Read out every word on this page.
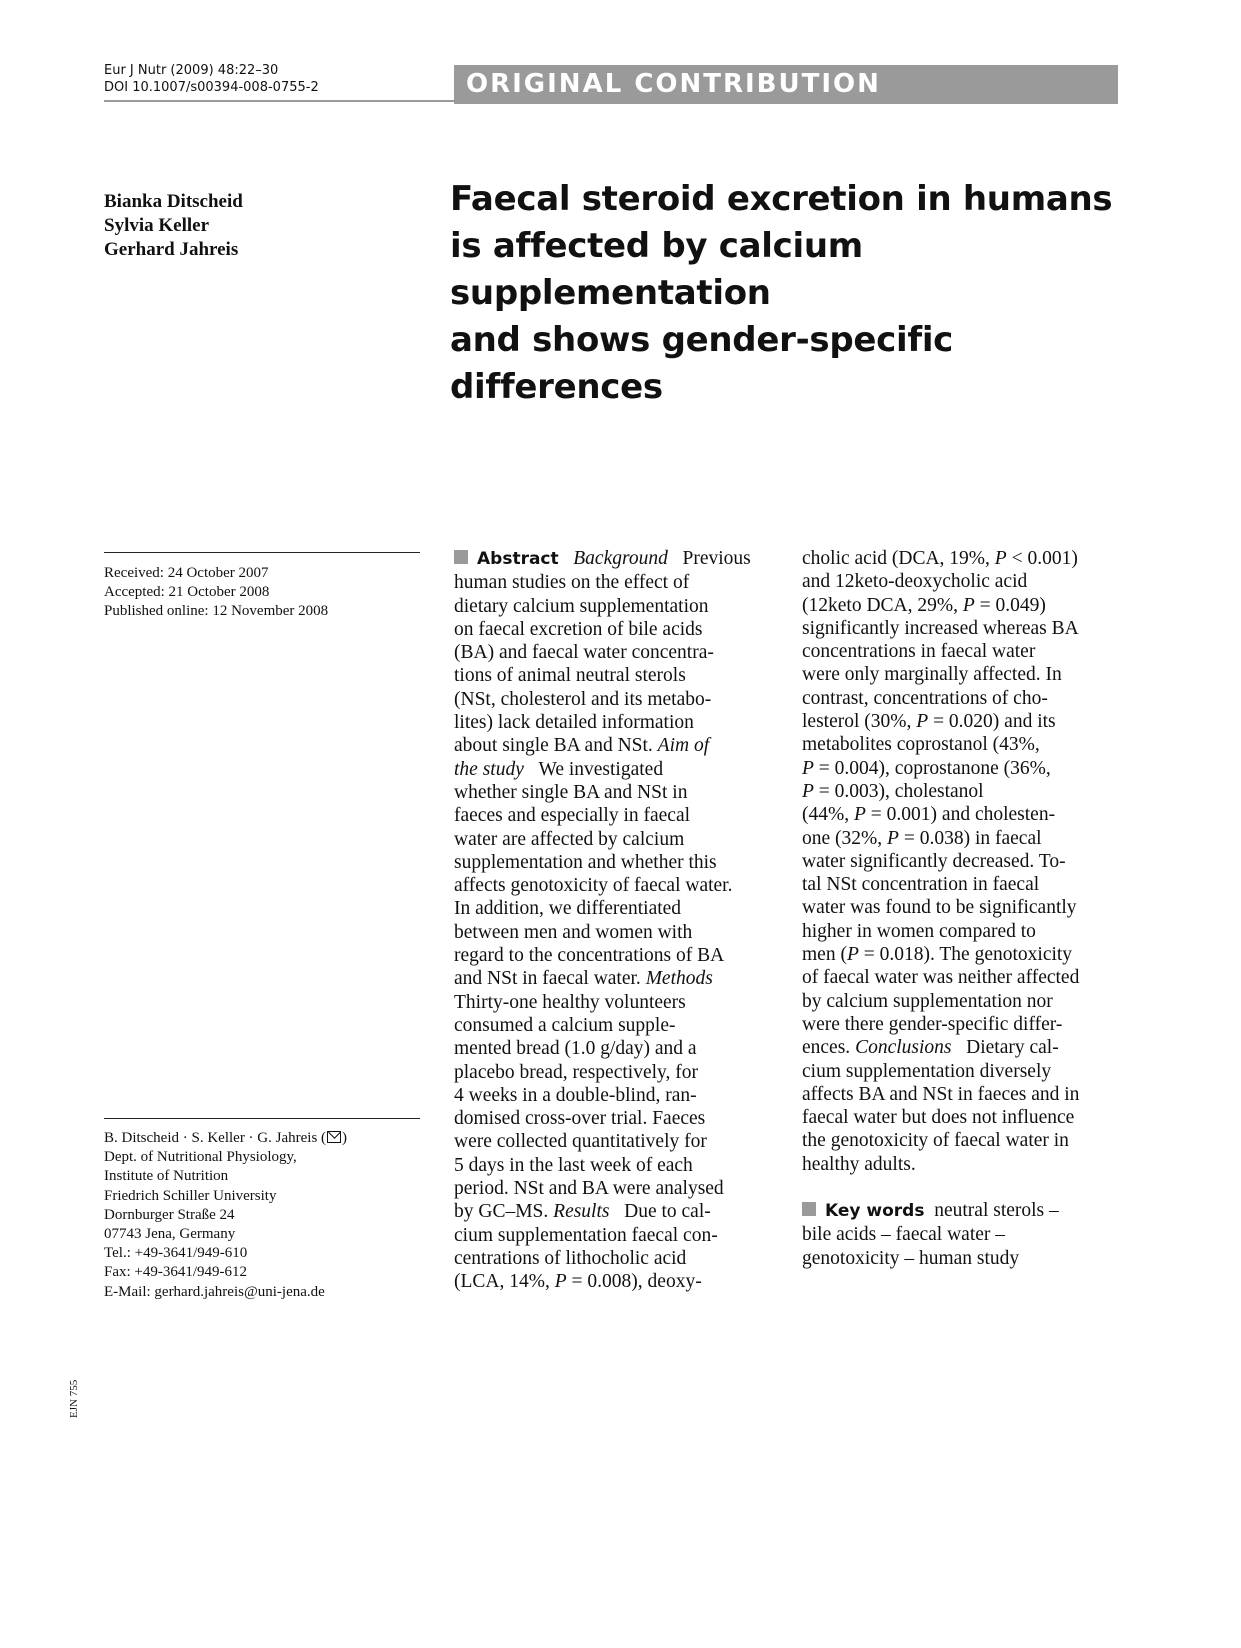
Eur J Nutr (2009) 48:22–30
DOI 10.1007/s00394-008-0755-2	ORIGINAL CONTRIBUTION
Bianka Ditscheid
Sylvia Keller
Gerhard Jahreis
Faecal steroid excretion in humans
is affected by calcium supplementation
and shows gender-specific differences
Received: 24 October 2007
Accepted: 21 October 2008
Published online: 12 November 2008
B. Ditscheid · S. Keller · G. Jahreis ( )
Dept. of Nutritional Physiology,
Institute of Nutrition
Friedrich Schiller University
Dornburger Straße 24
07743 Jena, Germany
Tel.: +49-3641/949-610
Fax: +49-3641/949-612
E-Mail: gerhard.jahreis@uni-jena.de
Abstract Background Previous
human studies on the effect of
dietary calcium supplementation
on faecal excretion of bile acids
(BA) and faecal water concentra-
tions of animal neutral sterols
(NSt, cholesterol and its metabo-
lites) lack detailed information
about single BA and NSt. Aim of
the study We investigated
whether single BA and NSt in
faeces and especially in faecal
water are affected by calcium
supplementation and whether this
affects genotoxicity of faecal water.
In addition, we differentiated
between men and women with
regard to the concentrations of BA
and NSt in faecal water. Methods
Thirty-one healthy volunteers
consumed a calcium supple-
mented bread (1.0 g/day) and a
placebo bread, respectively, for
4 weeks in a double-blind, ran-
domised cross-over trial. Faeces
were collected quantitatively for
5 days in the last week of each
period. NSt and BA were analysed
by GC–MS. Results Due to cal-
cium supplementation faecal con-
centrations of lithocholic acid
(LCA, 14%, P = 0.008), deoxy-
cholic acid (DCA, 19%, P < 0.001)
and 12keto-deoxycholic acid
(12keto DCA, 29%, P = 0.049)
significantly increased whereas BA
concentrations in faecal water
were only marginally affected. In
contrast, concentrations of cho-
lesterol (30%, P = 0.020) and its
metabolites coprostanol (43%,
P = 0.004), coprostanone (36%,
P = 0.003), cholestanol
(44%, P = 0.001) and cholesten-
one (32%, P = 0.038) in faecal
water significantly decreased. To-
tal NSt concentration in faecal
water was found to be significantly
higher in women compared to
men (P = 0.018). The genotoxicity
of faecal water was neither affected
by calcium supplementation nor
were there gender-specific differ-
ences. Conclusions Dietary cal-
cium supplementation diversely
affects BA and NSt in faeces and in
faecal water but does not influence
the genotoxicity of faecal water in
healthy adults.
Key words neutral sterols –
bile acids – faecal water –
genotoxicity – human study
EJN 755
